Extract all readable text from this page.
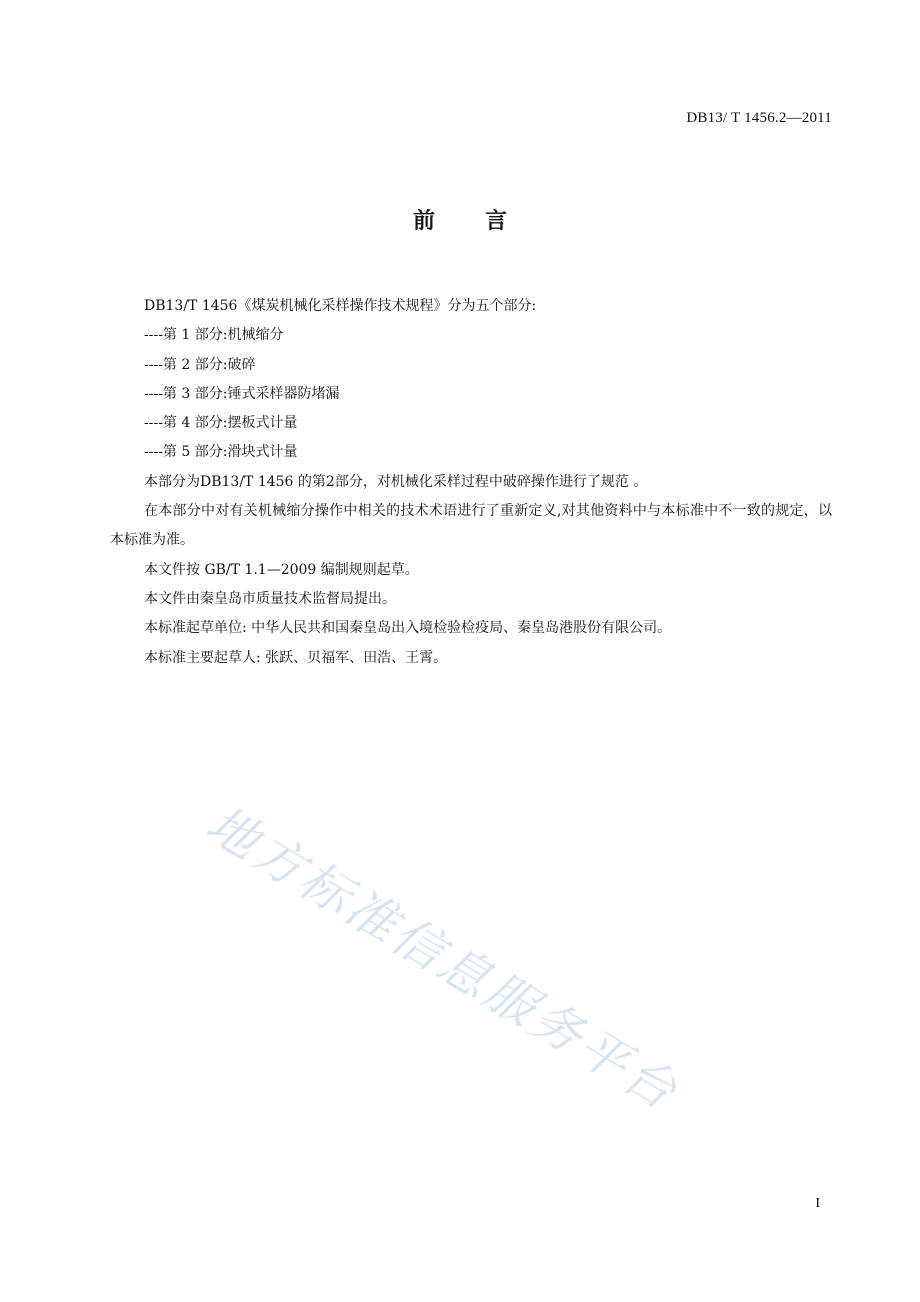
DB13/ T 1456.2—2011
前言

DB13/T 1456《煤炭机械化采样操作技术规程》分为五个部分:

----第 1 部分:机械缩分

----第 2 部分:破碎

----第 3 部分:锤式采样器防堵漏

----第 4 部分:摆板式计量

----第 5 部分:滑块式计量

本部分为DB13/T 1456 的第2部分，对机械化采样过程中破碎操作进行了规范 。

在本部分中对有关机械缩分操作中相关的技术术语进行了重新定义,对其他资料中与本标准中不一致的规定，以本标准为准。

本文件按 GB/T 1.1—2009 编制规则起草。

本文件由秦皇岛市质量技术监督局提出。

本标准起草单位: 中华人民共和国秦皇岛出入境检验检疫局、秦皇岛港股份有限公司。

本标准主要起草人: 张跃、贝福军、田浩、王霄。

地方标准信息服务平台
I
